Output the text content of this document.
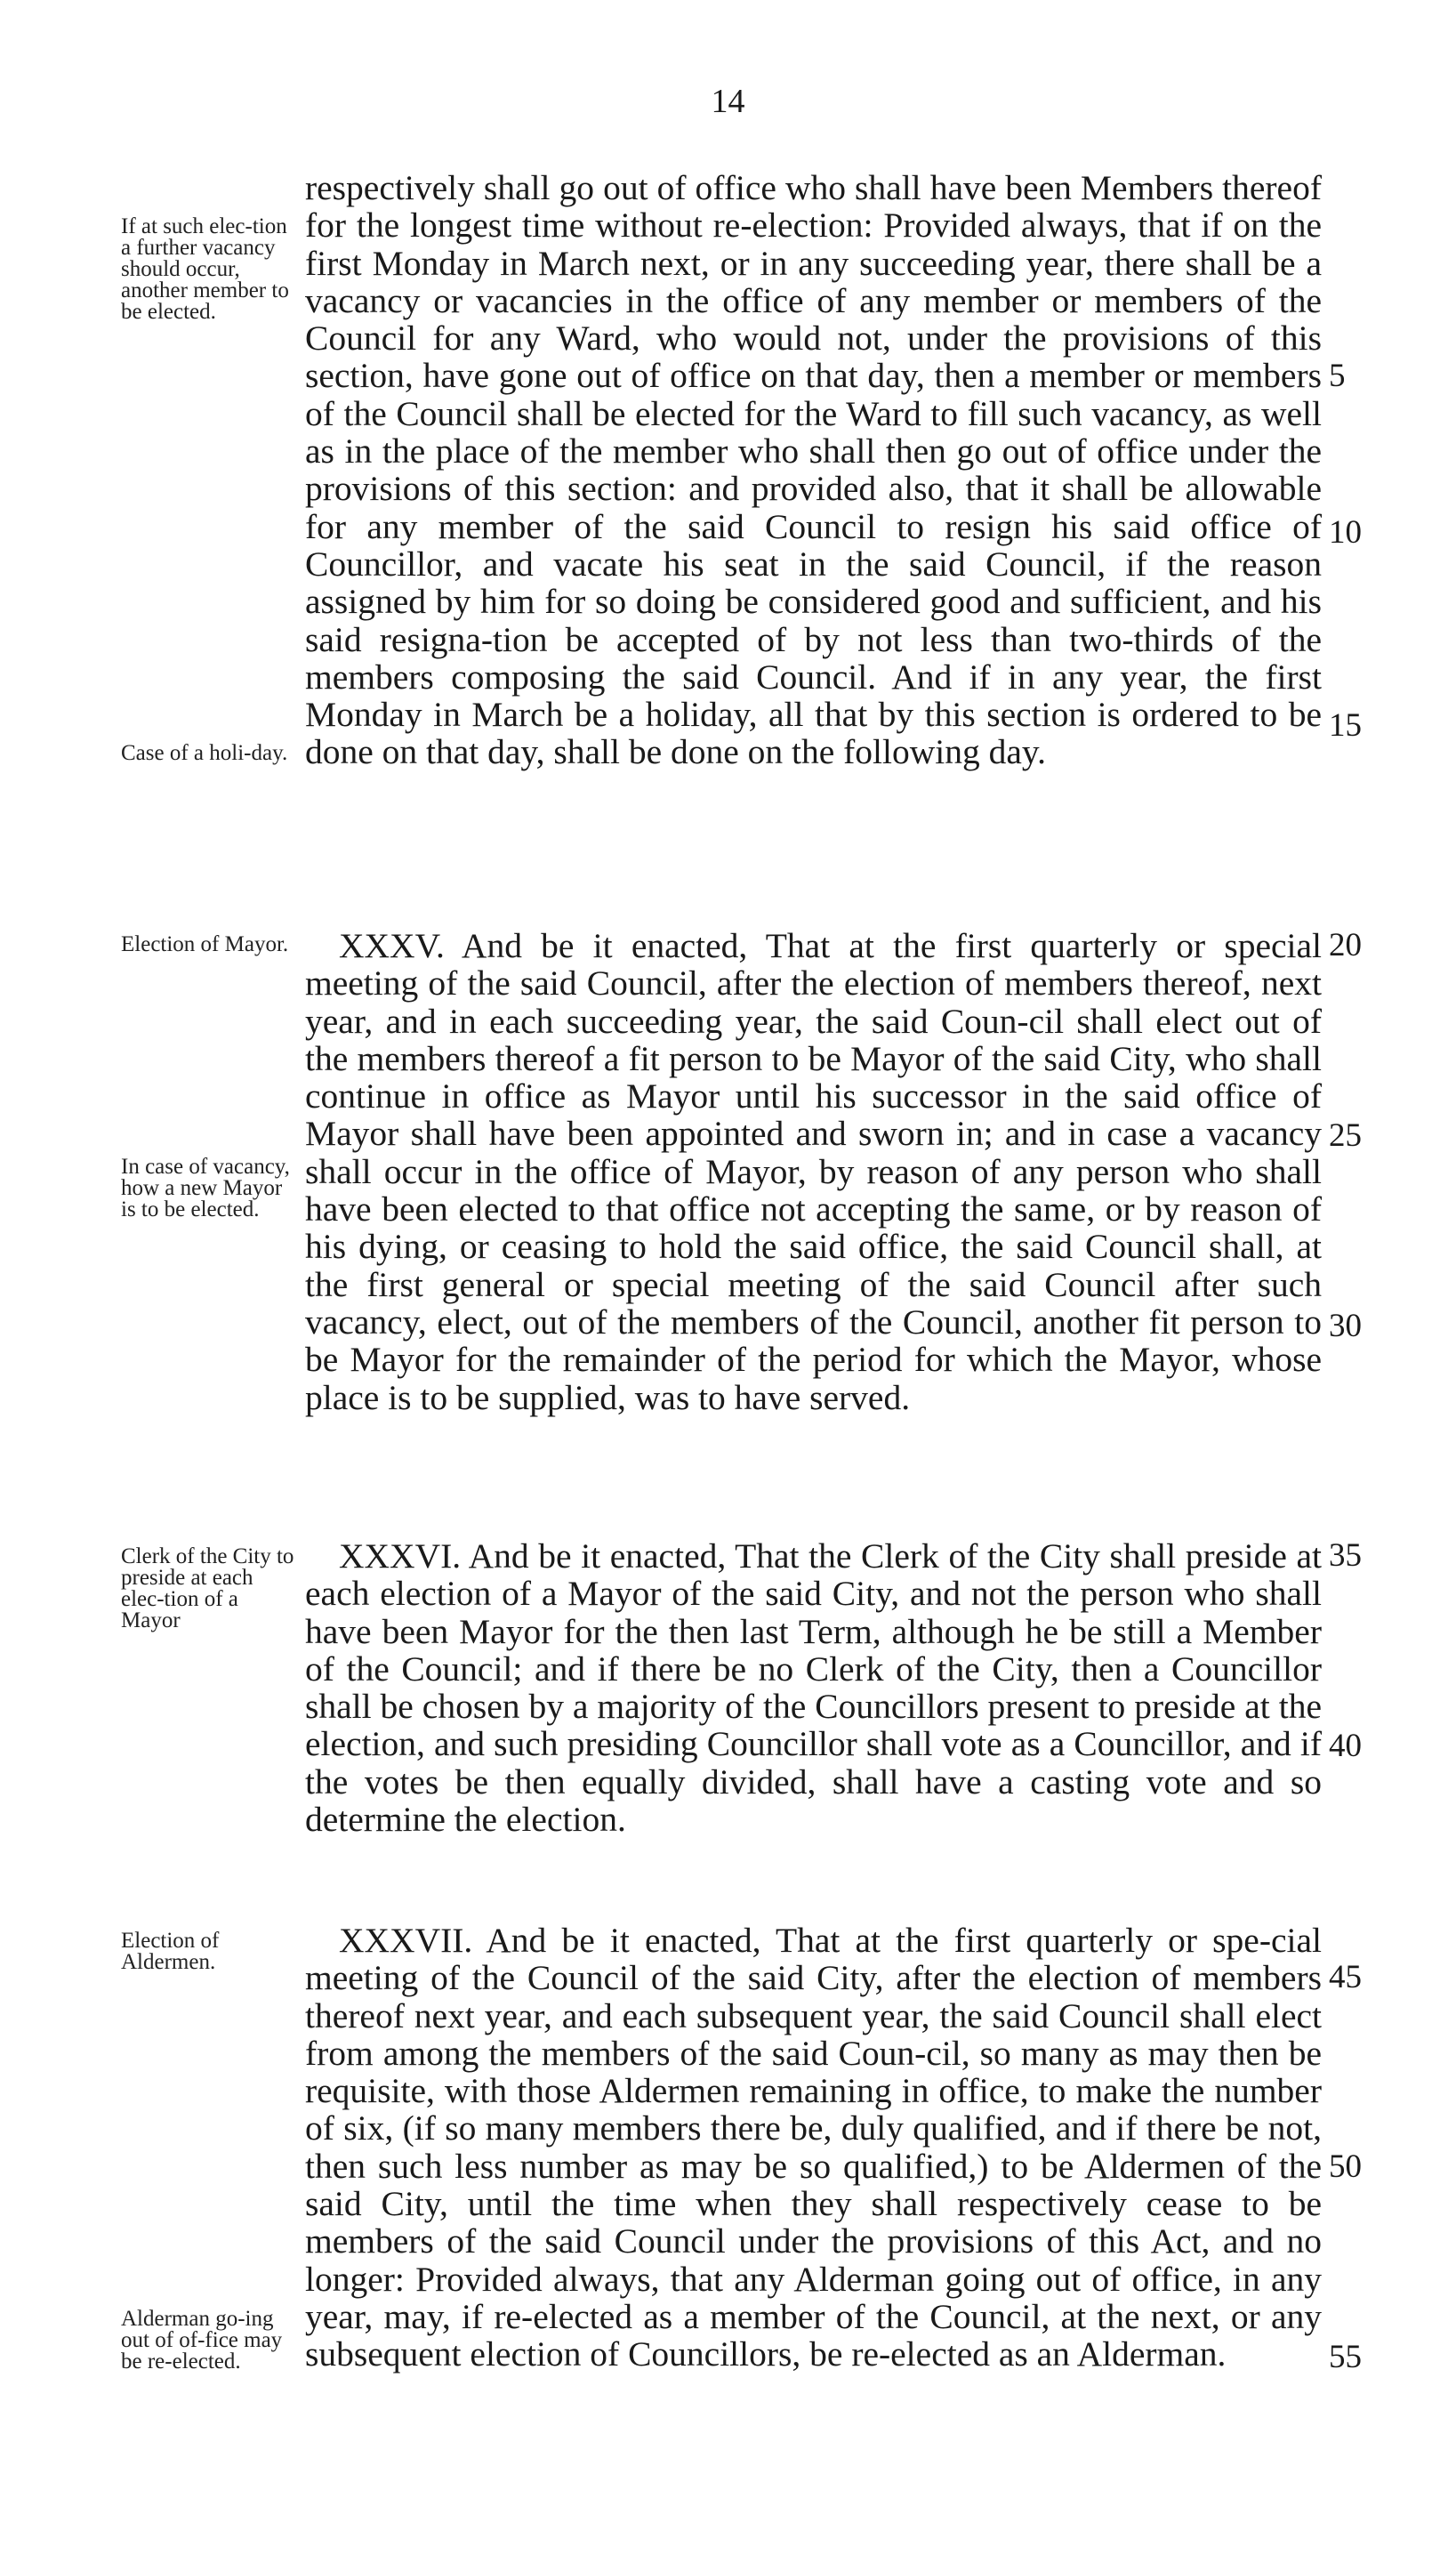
14
If at such elec-tion a further vacancy should occur, another member to be elected.
Case of a holi-day.
Election of Mayor.
In case of vacancy, how a new Mayor is to be elected.
Clerk of the City to preside at each elec-tion of a Mayor
Election of Aldermen.
Alderman go-ing out of of-fice may be re-elected.

respectively shall go out of office who shall have been Members thereof for the longest time without re-election: Provided always, that if on the first Monday in March next, or in any succeeding year, there shall be a vacancy or vacancies in the office of any member or members of the Council for any Ward, who would not, under the provisions of this section, have gone out of office on that day, then a member or members of the Council shall be elected for the Ward to fill such vacancy, as well as in the place of the member who shall then go out of office under the provisions of this section: and provided also, that it shall be allowable for any member of the said Council to resign his said office of Councillor, and vacate his seat in the said Council, if the reason assigned by him for so doing be considered good and sufficient, and his said resigna-tion be accepted of by not less than two-thirds of the members composing the said Council. And if in any year, the first Monday in March be a holiday, all that by this section is ordered to be done on that day, shall be done on the following day.

XXXV. And be it enacted, That at the first quarterly or special meeting of the said Council, after the election of members thereof, next year, and in each succeeding year, the said Coun-cil shall elect out of the members thereof a fit person to be Mayor of the said City, who shall continue in office as Mayor until his successor in the said office of Mayor shall have been appointed and sworn in; and in case a vacancy shall occur in the office of Mayor, by reason of any person who shall have been elected to that office not accepting the same, or by reason of his dying, or ceasing to hold the said office, the said Council shall, at the first general or special meeting of the said Council after such vacancy, elect, out of the members of the Council, another fit person to be Mayor for the remainder of the period for which the Mayor, whose place is to be supplied, was to have served.

XXXVI. And be it enacted, That the Clerk of the City shall preside at each election of a Mayor of the said City, and not the person who shall have been Mayor for the then last Term, although he be still a Member of the Council; and if there be no Clerk of the City, then a Councillor shall be chosen by a majority of the Councillors present to preside at the election, and such presiding Councillor shall vote as a Councillor, and if the votes be then equally divided, shall have a casting vote and so determine the election.

XXXVII. And be it enacted, That at the first quarterly or spe-cial meeting of the Council of the said City, after the election of members thereof next year, and each subsequent year, the said Council shall elect from among the members of the said Coun-cil, so many as may then be requisite, with those Aldermen remaining in office, to make the number of six, (if so many members there be, duly qualified, and if there be not, then such less number as may be so qualified,) to be Aldermen of the said City, until the time when they shall respectively cease to be members of the said Council under the provisions of this Act, and no longer: Provided always, that any Alderman going out of office, in any year, may, if re-elected as a member of the Council, at the next, or any subsequent election of Councillors, be re-elected as an Alderman.

5
10
15
20
25
30
35
40
45
50
55
